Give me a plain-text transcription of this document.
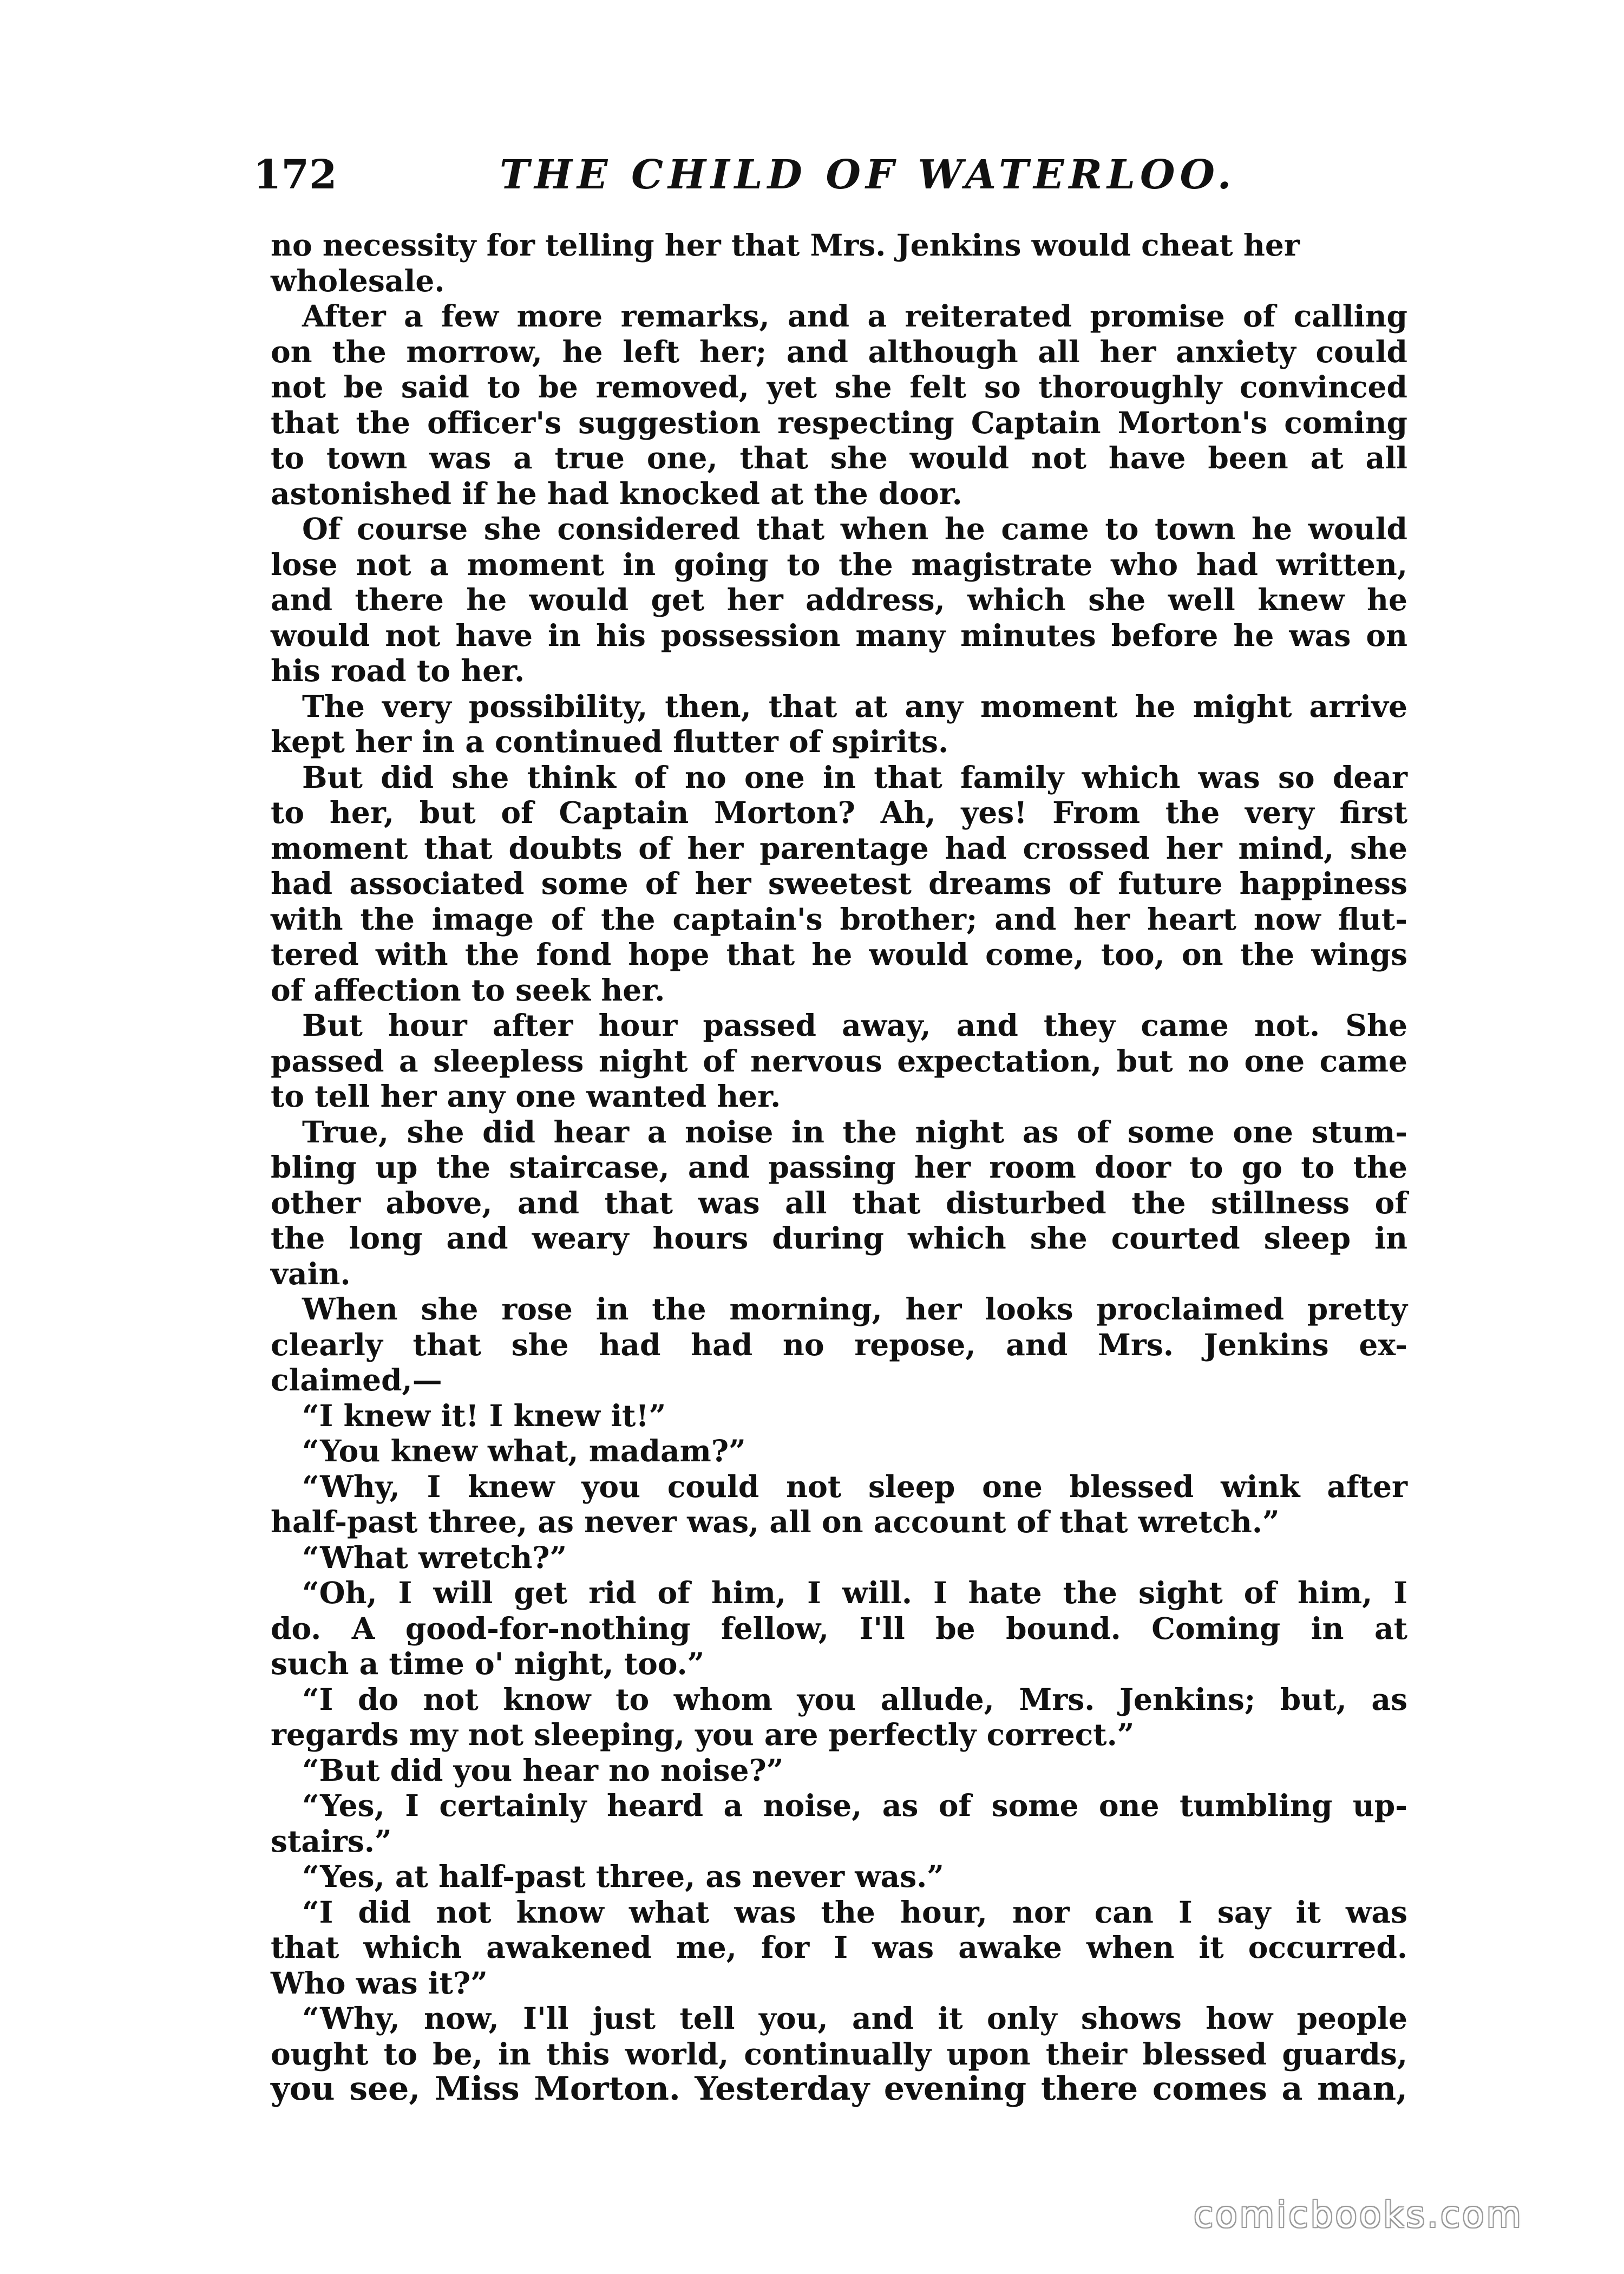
172	THE CHILD OF WATERLOO.
no necessity for telling her that Mrs. Jenkins would cheat her
wholesale.
After a few more remarks, and a reiterated promise of calling
on the morrow, he left her; and although all her anxiety could
not be said to be removed, yet she felt so thoroughly convinced
that the officer's suggestion respecting Captain Morton's coming
to town was a true one, that she would not have been at all
astonished if he had knocked at the door.
Of course she considered that when he came to town he would
lose not a moment in going to the magistrate who had written,
and there he would get her address, which she well knew he
would not have in his possession many minutes before he was on
his road to her.
The very possibility, then, that at any moment he might arrive
kept her in a continued flutter of spirits.
But did she think of no one in that family which was so dear
to her, but of Captain Morton? Ah, yes! From the very first
moment that doubts of her parentage had crossed her mind, she
had associated some of her sweetest dreams of future happiness
with the image of the captain's brother; and her heart now flut-
tered with the fond hope that he would come, too, on the wings
of affection to seek her.
But hour after hour passed away, and they came not. She
passed a sleepless night of nervous expectation, but no one came
to tell her any one wanted her.
True, she did hear a noise in the night as of some one stum-
bling up the staircase, and passing her room door to go to the
other above, and that was all that disturbed the stillness of
the long and weary hours during which she courted sleep in
vain.
When she rose in the morning, her looks proclaimed pretty
clearly that she had had no repose, and Mrs. Jenkins ex-
claimed,—
“I knew it! I knew it!”
“You knew what, madam?”
“Why, I knew you could not sleep one blessed wink after
half-past three, as never was, all on account of that wretch.”
“What wretch?”
“Oh, I will get rid of him, I will. I hate the sight of him, I
do. A good-for-nothing fellow, I'll be bound. Coming in at
such a time o' night, too.”
“I do not know to whom you allude, Mrs. Jenkins; but, as
regards my not sleeping, you are perfectly correct.”
“But did you hear no noise?”
“Yes, I certainly heard a noise, as of some one tumbling up-
stairs.”
“Yes, at half-past three, as never was.”
“I did not know what was the hour, nor can I say it was
that which awakened me, for I was awake when it occurred.
Who was it?”
“Why, now, I'll just tell you, and it only shows how people
ought to be, in this world, continually upon their blessed guards,
you see, Miss Morton. Yesterday evening there comes a man,
comicbooks.com
